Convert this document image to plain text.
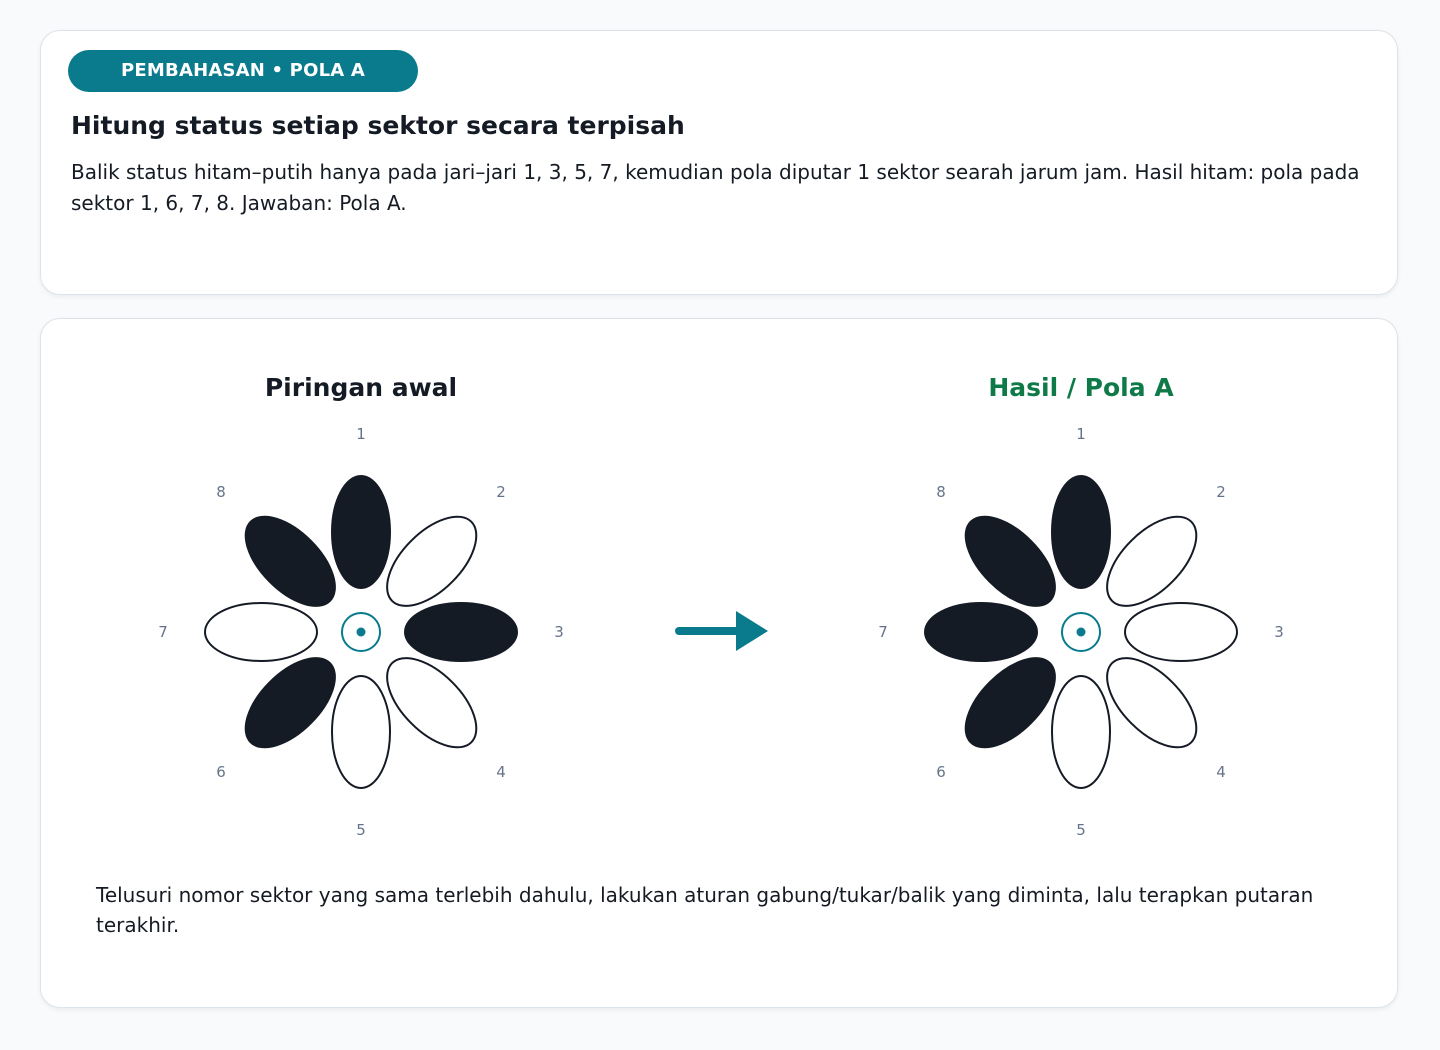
PEMBAHASAN • POLA A
Hitung status setiap sektor secara terpisah

Balik status hitam–putih hanya pada jari–jari 1, 3, 5, 7, kemudian pola diputar 1 sektor searah jarum jam. Hasil hitam: pola pada sektor 1, 6, 7, 8. Jawaban: Pola A.

Piringan awal	Hasil / Pola A
1
2
3
4
5
6
7
8
1
2
3
4
5
6
7
8

Telusuri nomor sektor yang sama terlebih dahulu, lakukan aturan gabung/tukar/balik yang diminta, lalu terapkan putaran terakhir.
